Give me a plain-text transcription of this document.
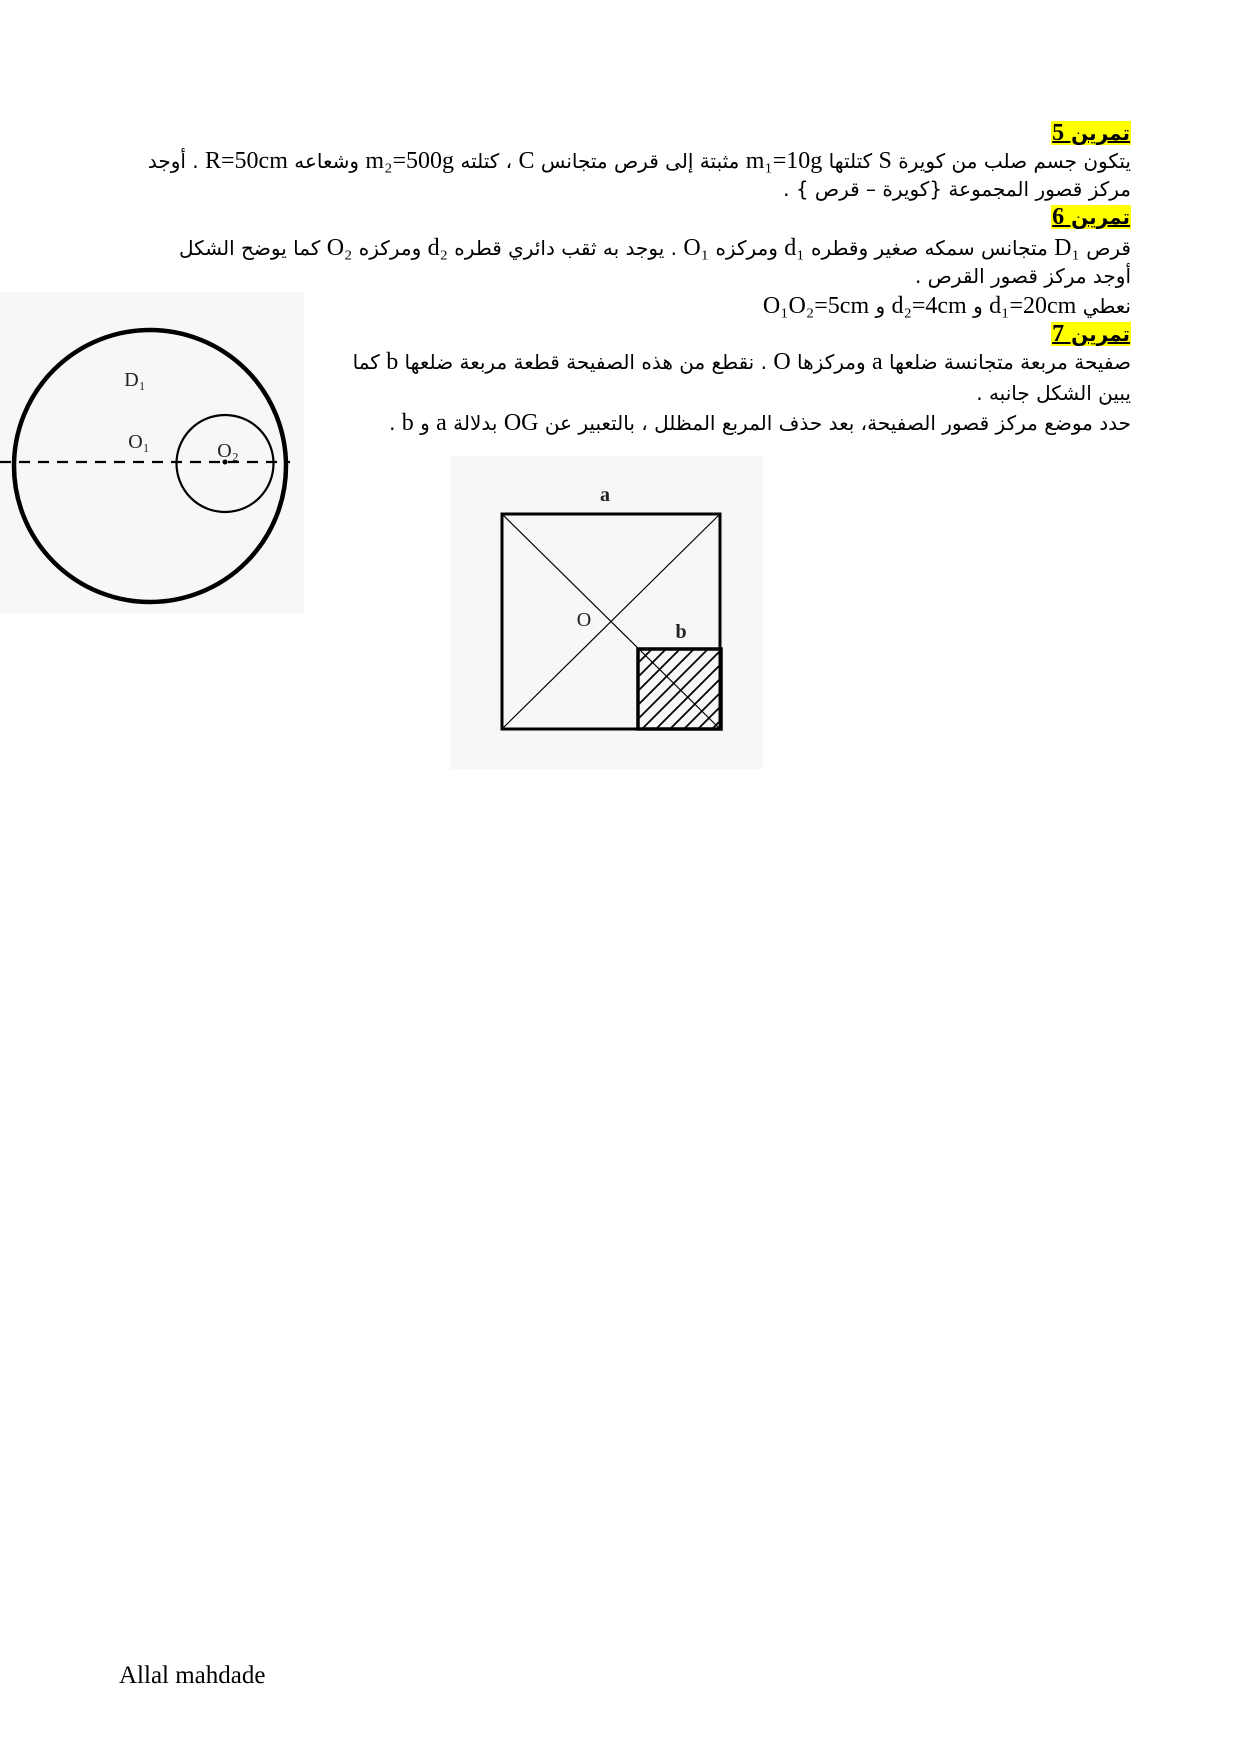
تمرين 5
يتكون جسم صلب من كويرة S كتلتها m₁=10g مثبتة إلى قرص متجانس C ، كتلته m₂=500g وشعاعه R=50cm . أوجد
مركز قصور المجموعة {كويرة – قرص } .
تمرين 6
قرص D₁ متجانس سمكه صغير وقطره d₁ ومركزه O₁ . يوجد به ثقب دائري قطره d₂ ومركزه O₂ كما يوضح الشكل
أوجد مركز قصور القرص .
نعطي d₁=20cm و d₂=4cm و O₁O₂=5cm
تمرين 7
صفيحة مربعة متجانسة ضلعها a ومركزها O . نقطع من هذه الصفيحة قطعة مربعة ضلعها b كما
يبين الشكل جانبه .
حدد موضع مركز قصور الصفيحة، بعد حذف المربع المظلل ، بالتعبير عن OG بدلالة a و b .
D₁
O₁	O₂
a
O
b
Allal mahdade
